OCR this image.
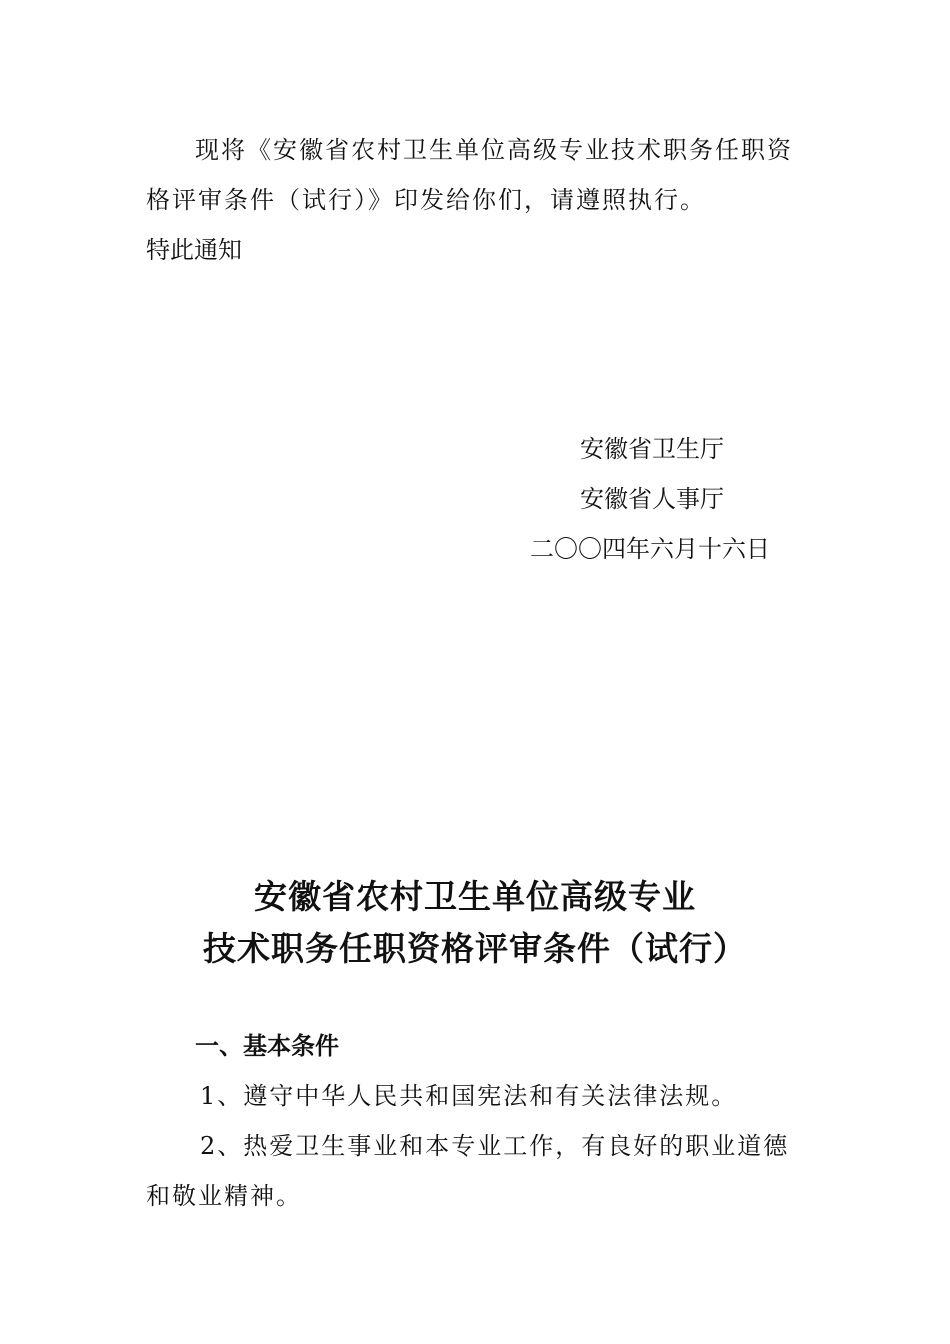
现将《安徽省农村卫生单位高级专业技术职务任职资
格评审条件（试行）》印发给你们，请遵照执行。
特此通知
安徽省卫生厅
安徽省人事厅
二〇〇四年六月十六日
安徽省农村卫生单位高级专业
技术职务任职资格评审条件（试行）
一、基本条件
1、遵守中华人民共和国宪法和有关法律法规。
2、热爱卫生事业和本专业工作，有良好的职业道德
和敬业精神。
